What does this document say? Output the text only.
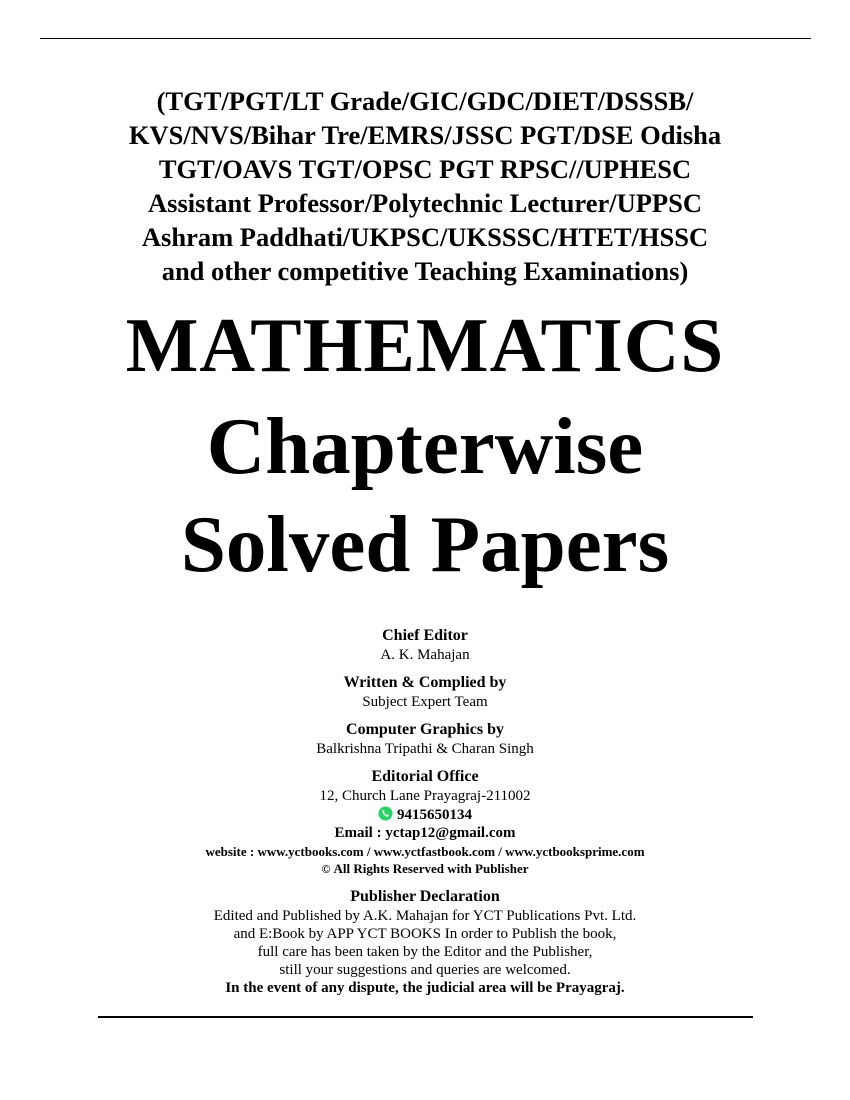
(TGT/PGT/LT Grade/GIC/GDC/DIET/DSSSB/
KVS/NVS/Bihar Tre/EMRS/JSSC PGT/DSE Odisha
TGT/OAVS TGT/OPSC PGT RPSC//UPHESC
Assistant Professor/Polytechnic Lecturer/UPPSC
Ashram Paddhati/UKPSC/UKSSSC/HTET/HSSC
and other competitive Teaching Examinations)
MATHEMATICS
Chapterwise
Solved Papers
Chief Editor
A. K. Mahajan
Written & Complied by
Subject Expert Team
Computer Graphics by
Balkrishna Tripathi & Charan Singh
Editorial Office
12, Church Lane Prayagraj-211002
9415650134
Email : yctap12@gmail.com
website : www.yctbooks.com / www.yctfastbook.com / www.yctbooksprime.com
© All Rights Reserved with Publisher
Publisher Declaration
Edited and Published by A.K. Mahajan for YCT Publications Pvt. Ltd.
and E:Book by APP YCT BOOKS In order to Publish the book,
full care has been taken by the Editor and the Publisher,
still your suggestions and queries are welcomed.
In the event of any dispute, the judicial area will be Prayagraj.
